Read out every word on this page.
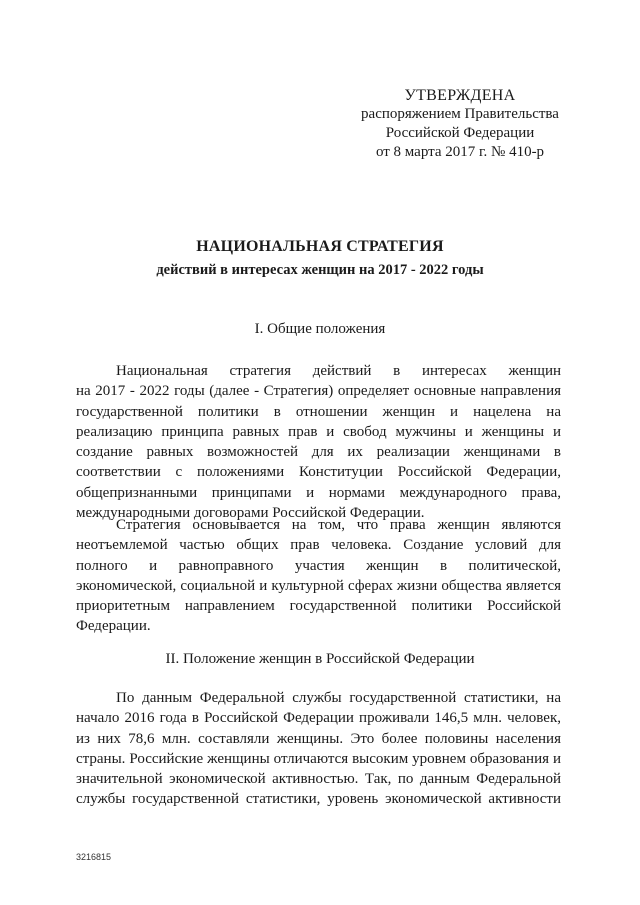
УТВЕРЖДЕНА
распоряжением Правительства
Российской Федерации
от 8 марта 2017 г. № 410-р
НАЦИОНАЛЬНАЯ СТРАТЕГИЯ
действий в интересах женщин на 2017 - 2022 годы
I. Общие положения
Национальная стратегия действий в интересах женщин
на 2017 - 2022 годы (далее - Стратегия) определяет основные направления
государственной политики в отношении женщин и нацелена на
реализацию принципа равных прав и свобод мужчины и женщины и
создание равных возможностей для их реализации женщинами в
соответствии с положениями Конституции Российской Федерации,
общепризнанными принципами и нормами международного права,
международными договорами Российской Федерации.
Стратегия основывается на том, что права женщин являются
неотъемлемой частью общих прав человека. Создание условий для
полного и равноправного участия женщин в политической,
экономической, социальной и культурной сферах жизни общества является
приоритетным направлением государственной политики Российской
Федерации.
II. Положение женщин в Российской Федерации
По данным Федеральной службы государственной статистики, на
начало 2016 года в Российской Федерации проживали 146,5 млн. человек,
из них 78,6 млн. составляли женщины. Это более половины населения
страны. Российские женщины отличаются высоким уровнем образования и
значительной экономической активностью. Так, по данным Федеральной
службы государственной статистики, уровень экономической активности
3216815
